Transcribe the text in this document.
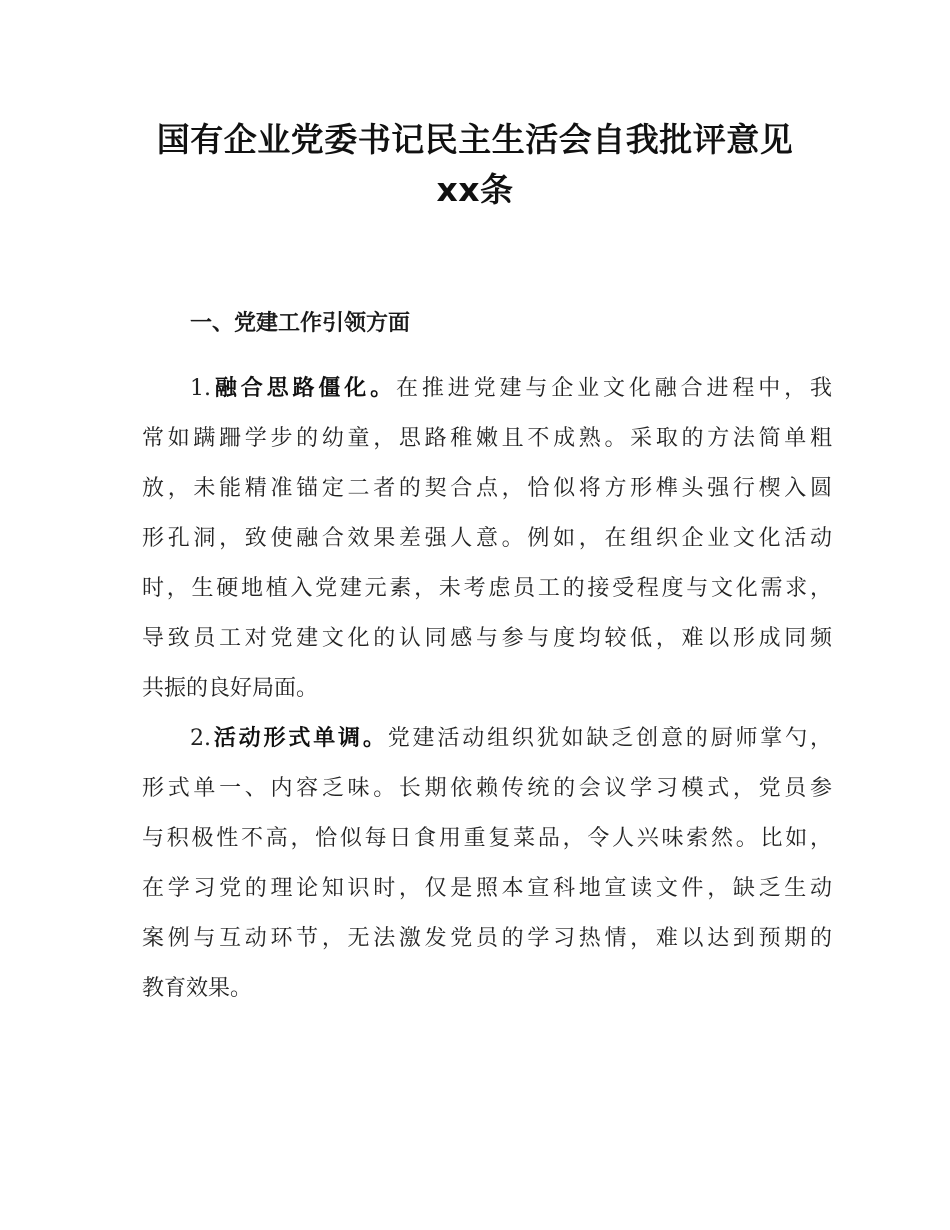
国有企业党委书记民主生活会自我批评意见
xx条
一、党建工作引领方面
1.融合思路僵化。在推进党建与企业文化融合进程中，我
常如蹒跚学步的幼童，思路稚嫩且不成熟。采取的方法简单粗
放，未能精准锚定二者的契合点，恰似将方形榫头强行楔入圆
形孔洞，致使融合效果差强人意。例如，在组织企业文化活动
时，生硬地植入党建元素，未考虑员工的接受程度与文化需求，
导致员工对党建文化的认同感与参与度均较低，难以形成同频
共振的良好局面。
2.活动形式单调。党建活动组织犹如缺乏创意的厨师掌勺，
形式单一、内容乏味。长期依赖传统的会议学习模式，党员参
与积极性不高，恰似每日食用重复菜品，令人兴味索然。比如，
在学习党的理论知识时，仅是照本宣科地宣读文件，缺乏生动
案例与互动环节，无法激发党员的学习热情，难以达到预期的
教育效果。
